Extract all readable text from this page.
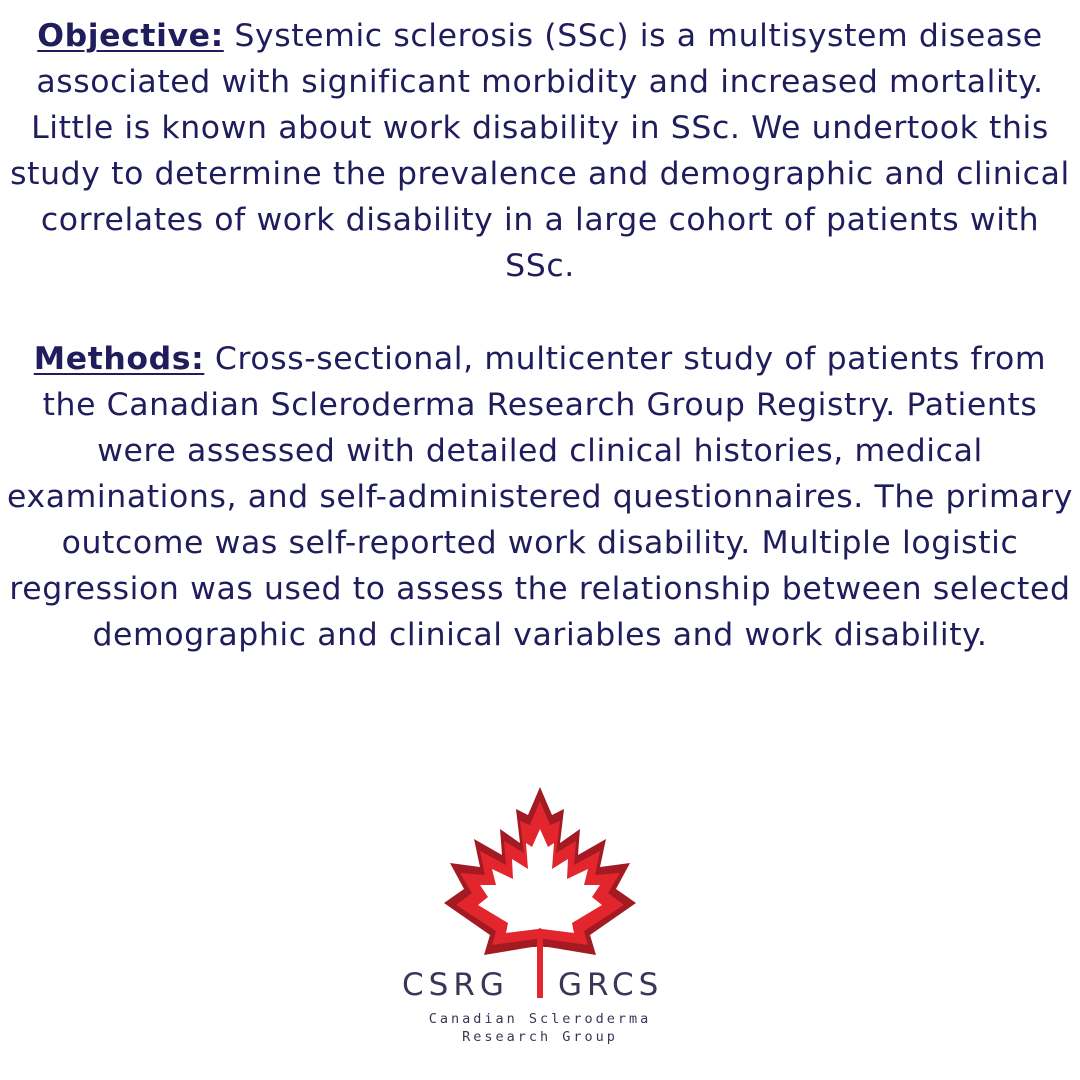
Objective: Systemic sclerosis (SSc) is a multisystem disease associated with significant morbidity and increased mortality. Little is known about work disability in SSc. We undertook this study to determine the prevalence and demographic and clinical correlates of work disability in a large cohort of patients with SSc.
Methods: Cross-sectional, multicenter study of patients from the Canadian Scleroderma Research Group Registry. Patients were assessed with detailed clinical histories, medical examinations, and self-administered questionnaires. The primary outcome was self-reported work disability. Multiple logistic regression was used to assess the relationship between selected demographic and clinical variables and work disability.
CSRG GRCS
Canadian Scleroderma
Research Group
